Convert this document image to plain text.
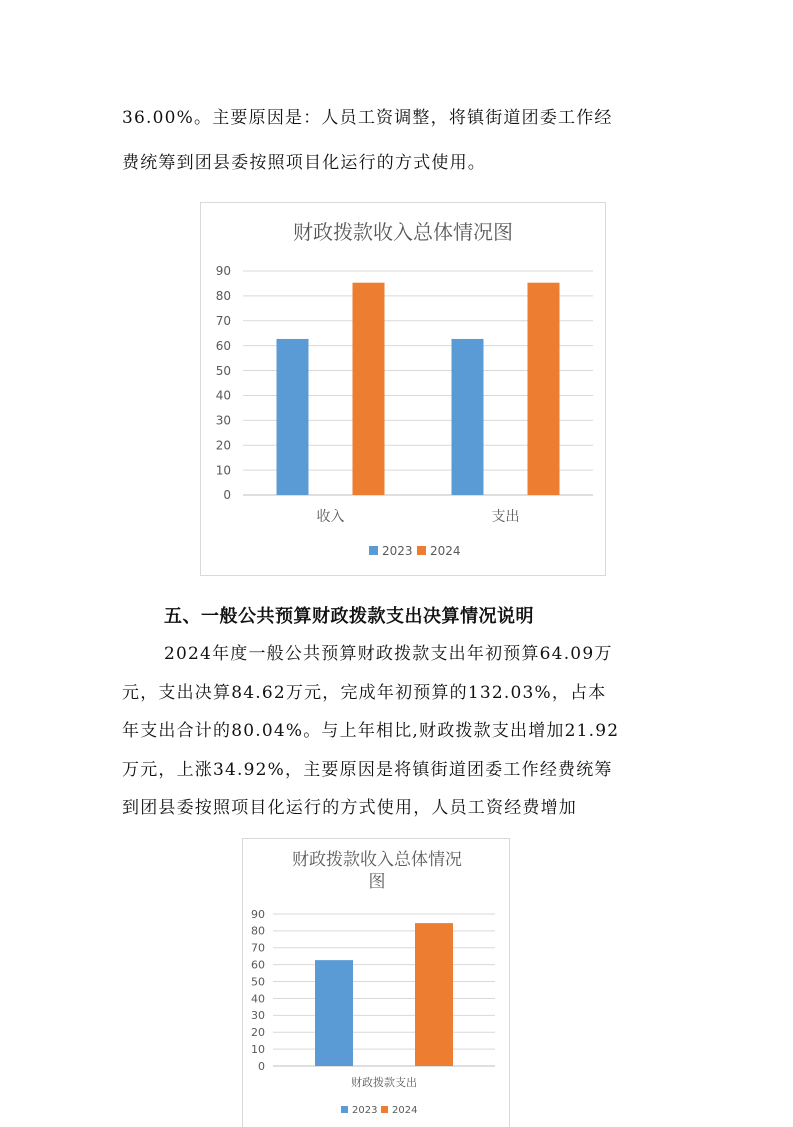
36.00%。主要原因是：人员工资调整，将镇街道团委工作经
费统筹到团县委按照项目化运行的方式使用。
财政拨款收入总体情况图
0
10
20
30
40
50
60
70
80
90
收入	支出
2023 2024
五、一般公共预算财政拨款支出决算情况说明
2024年度一般公共预算财政拨款支出年初预算64.09万
元，支出决算84.62万元，完成年初预算的132.03%，占本
年支出合计的80.04%。与上年相比,财政拨款支出增加21.92
万元，上涨34.92%，主要原因是将镇街道团委工作经费统筹
到团县委按照项目化运行的方式使用，人员工资经费增加
财政拨款收入总体情况
图
0
10
20
30
40
50
60
70
80
90
财政拨款支出
2023 2024
